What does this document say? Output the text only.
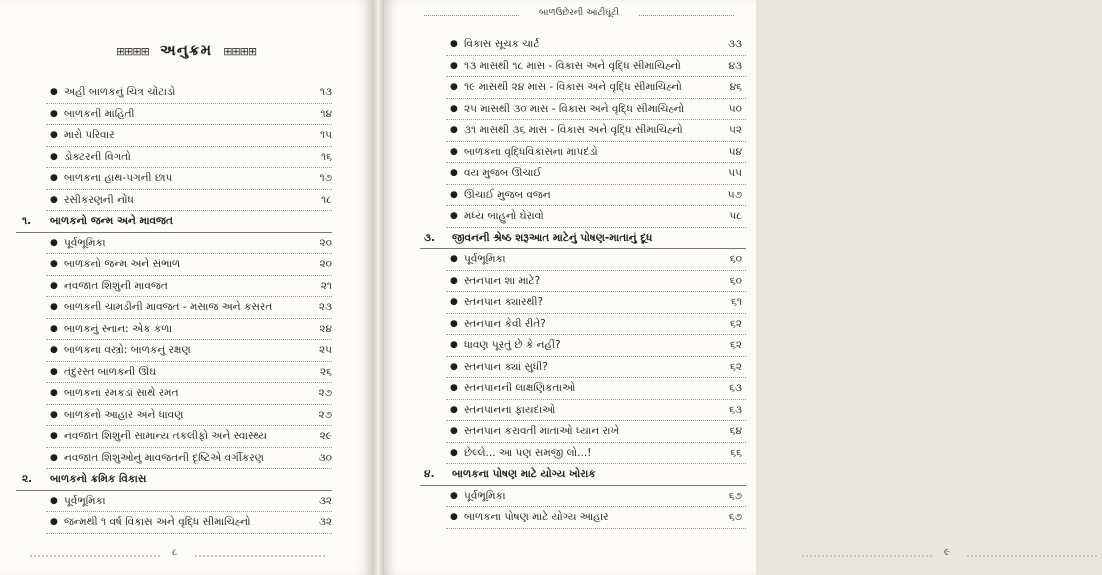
⊞⊞⊞⊞ અનુક્રમ ⊞⊞⊞⊞
● અહીં બાળકનું ચિત્ર ચોંટાડો	૧૩
● બાળકની માહિતી	૧૪
● મારો પરિવાર	૧૫
● ડોક્ટરની વિગતો	૧૬
● બાળકના હાથ-પગની છાપ	૧૭
● રસીકરણની નોંધ	૧૮
૧. બાળકનો જન્મ અને માવજત
● પૂર્વભૂમિકા	૨૦
● બાળકનો જન્મ અને સંભાળ	૨૦
● નવજાત શિશુની માવજત	૨૧
● બાળકની ચામડીની માવજત - મસાજ અને કસરત	૨૩
● બાળકનું સ્નાન: એક કળા	૨૪
● બાળકનાં વસ્ત્રો: બાળકનું રક્ષણ	૨૫
● તંદુરસ્ત બાળકની ઊંઘ	૨૬
● બાળકનાં રમકડાં સાથે રમત	૨૭
● બાળકનો આહાર અને ધાવણ	૨૭
● નવજાત શિશુની સામાન્ય તકલીફો અને સ્વાસ્થ્ય	૨૯
● નવજાત શિશુઓનું માવજતની દૃષ્ટિએ વર્ગીકરણ	૩૦
૨. બાળકનો ક્રમિક વિકાસ
● પૂર્વભૂમિકા	૩૨
● જન્મથી ૧ વર્ષ વિકાસ અને વૃદ્ધિ સીમાચિહ્નો	૩૨
૮
બાળઉછેરની આંટીઘૂંટી
● વિકાસ સૂચક ચાર્ટ	૩૩
● ૧૩ માસથી ૧૮ માસ - વિકાસ અને વૃદ્ધિ સીમાચિહ્નો	૪૩
● ૧૯ માસથી ૨૪ માસ - વિકાસ અને વૃદ્ધિ સીમાચિહ્નો	૪૬
● ૨૫ માસથી ૩૦ માસ - વિકાસ અને વૃદ્ધિ સીમાચિહ્નો	૫૦
● ૩૧ માસથી ૩૬ માસ - વિકાસ અને વૃદ્ધિ સીમાચિહ્નો	૫૨
● બાળકના વૃદ્ધિવિકાસના માપદંડો	૫૪
● વય મુજબ ઊંચાઈ	૫૫
● ઊંચાઈ મુજબ વજન	૫૭
● મધ્ય બાહુનો ઘેરાવો	૫૮
૩. જીવનની શ્રેષ્ઠ શરૂઆત માટેનું પોષણ-માતાનું દૂધ
● પૂર્વભૂમિકા	૬૦
● સ્તનપાન શા માટે?	૬૦
● સ્તનપાન ક્યારથી?	૬૧
● સ્તનપાન કેવી રીતે?	૬૨
● ધાવણ પૂરતું છે કે નહીં?	૬૨
● સ્તનપાન ક્યાં સુધી?	૬૨
● સ્તનપાનની લાક્ષણિકતાઓ	૬૩
● સ્તનપાનના ફાયદાઓ	૬૩
● સ્તનપાન કરાવતી માતાઓ ધ્યાન રાખે	૬૪
● છેલ્લે... આ પણ સમજી લો...!	૬૬
૪. બાળકના પોષણ માટે યોગ્ય ખોરાક
● પૂર્વભૂમિકા	૬૭
● બાળકના પોષણ માટે યોગ્ય આહાર	૬૭
૯
